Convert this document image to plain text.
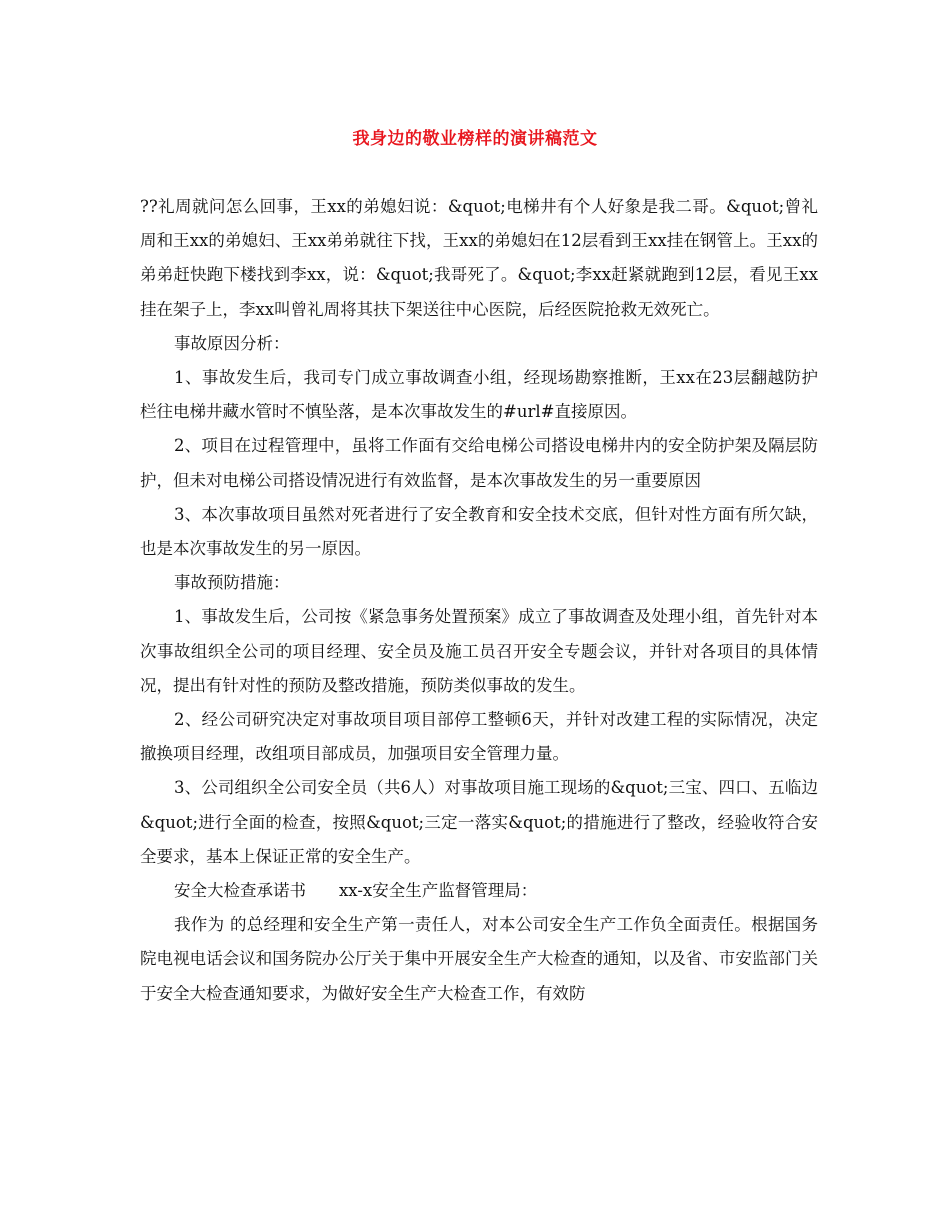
我身边的敬业榜样的演讲稿范文

??礼周就问怎么回事，王xx的弟媳妇说：&quot;电梯井有个人好象是我二哥。&quot;曾礼周和王xx的弟媳妇、王xx弟弟就往下找，王xx的弟媳妇在12层看到王xx挂在钢管上。王xx的弟弟赶快跑下楼找到李xx，说：&quot;我哥死了。&quot;李xx赶紧就跑到12层，看见王xx挂在架子上，李xx叫曾礼周将其扶下架送往中心医院，后经医院抢救无效死亡。

事故原因分析：

1、事故发生后，我司专门成立事故调查小组，经现场勘察推断，王xx在23层翻越防护栏往电梯井藏水管时不慎坠落，是本次事故发生的#url#直接原因。

2、项目在过程管理中，虽将工作面有交给电梯公司搭设电梯井内的安全防护架及隔层防护，但未对电梯公司搭设情况进行有效监督，是本次事故发生的另一重要原因

3、本次事故项目虽然对死者进行了安全教育和安全技术交底，但针对性方面有所欠缺，也是本次事故发生的另一原因。

事故预防措施：

1、事故发生后，公司按《紧急事务处置预案》成立了事故调查及处理小组，首先针对本次事故组织全公司的项目经理、安全员及施工员召开安全专题会议，并针对各项目的具体情况，提出有针对性的预防及整改措施，预防类似事故的发生。

2、经公司研究决定对事故项目项目部停工整顿6天，并针对改建工程的实际情况，决定撤换项目经理，改组项目部成员，加强项目安全管理力量。

3、公司组织全公司安全员（共6人）对事故项目施工现场的&quot;三宝、四口、五临边&quot;进行全面的检查，按照&quot;三定一落实&quot;的措施进行了整改，经验收符合安全要求，基本上保证正常的安全生产。

安全大检查承诺书　　xx-x安全生产监督管理局：

我作为 的总经理和安全生产第一责任人，对本公司安全生产工作负全面责任。根据国务院电视电话会议和国务院办公厅关于集中开展安全生产大检查的通知，以及省、市安监部门关于安全大检查通知要求，为做好安全生产大检查工作，有效防
